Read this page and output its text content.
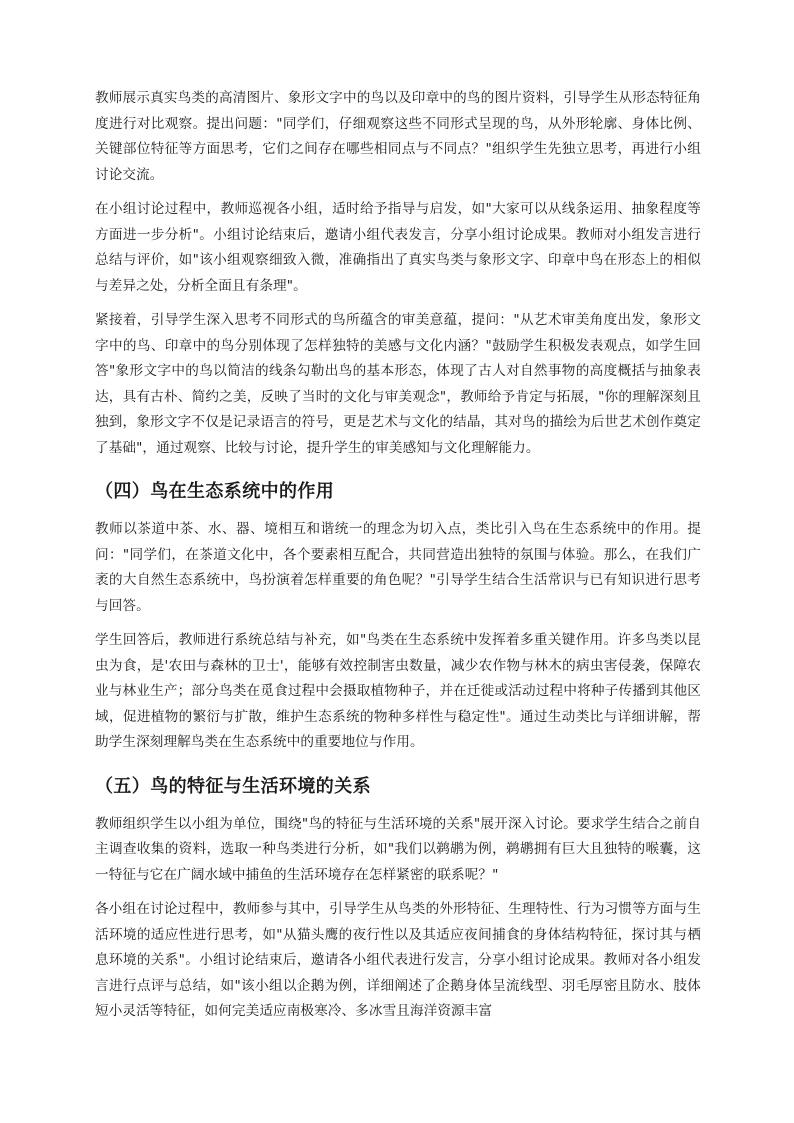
教师展示真实鸟类的高清图片、象形文字中的鸟以及印章中的鸟的图片资料，引导学生从形态特征角度进行对比观察。提出问题："同学们，仔细观察这些不同形式呈现的鸟，从外形轮廓、身体比例、关键部位特征等方面思考，它们之间存在哪些相同点与不同点？"组织学生先独立思考，再进行小组讨论交流。

在小组讨论过程中，教师巡视各小组，适时给予指导与启发，如"大家可以从线条运用、抽象程度等方面进一步分析"。小组讨论结束后，邀请小组代表发言，分享小组讨论成果。教师对小组发言进行总结与评价，如"该小组观察细致入微，准确指出了真实鸟类与象形文字、印章中鸟在形态上的相似与差异之处，分析全面且有条理"。

紧接着，引导学生深入思考不同形式的鸟所蕴含的审美意蕴，提问："从艺术审美角度出发，象形文字中的鸟、印章中的鸟分别体现了怎样独特的美感与文化内涵？"鼓励学生积极发表观点，如学生回答"象形文字中的鸟以简洁的线条勾勒出鸟的基本形态，体现了古人对自然事物的高度概括与抽象表达，具有古朴、简约之美，反映了当时的文化与审美观念"，教师给予肯定与拓展，"你的理解深刻且独到，象形文字不仅是记录语言的符号，更是艺术与文化的结晶，其对鸟的描绘为后世艺术创作奠定了基础"，通过观察、比较与讨论，提升学生的审美感知与文化理解能力。

（四）鸟在生态系统中的作用

教师以茶道中茶、水、器、境相互和谐统一的理念为切入点，类比引入鸟在生态系统中的作用。提问："同学们，在茶道文化中，各个要素相互配合，共同营造出独特的氛围与体验。那么，在我们广袤的大自然生态系统中，鸟扮演着怎样重要的角色呢？"引导学生结合生活常识与已有知识进行思考与回答。

学生回答后，教师进行系统总结与补充，如"鸟类在生态系统中发挥着多重关键作用。许多鸟类以昆虫为食，是'农田与森林的卫士'，能够有效控制害虫数量，减少农作物与林木的病虫害侵袭，保障农业与林业生产；部分鸟类在觅食过程中会摄取植物种子，并在迁徙或活动过程中将种子传播到其他区域，促进植物的繁衍与扩散，维护生态系统的物种多样性与稳定性"。通过生动类比与详细讲解，帮助学生深刻理解鸟类在生态系统中的重要地位与作用。

（五）鸟的特征与生活环境的关系

教师组织学生以小组为单位，围绕"鸟的特征与生活环境的关系"展开深入讨论。要求学生结合之前自主调查收集的资料，选取一种鸟类进行分析，如"我们以鹈鹕为例，鹈鹕拥有巨大且独特的喉囊，这一特征与它在广阔水域中捕鱼的生活环境存在怎样紧密的联系呢？"

各小组在讨论过程中，教师参与其中，引导学生从鸟类的外形特征、生理特性、行为习惯等方面与生活环境的适应性进行思考，如"从猫头鹰的夜行性以及其适应夜间捕食的身体结构特征，探讨其与栖息环境的关系"。小组讨论结束后，邀请各小组代表进行发言，分享小组讨论成果。教师对各小组发言进行点评与总结，如"该小组以企鹅为例，详细阐述了企鹅身体呈流线型、羽毛厚密且防水、肢体短小灵活等特征，如何完美适应南极寒冷、多冰雪且海洋资源丰富
